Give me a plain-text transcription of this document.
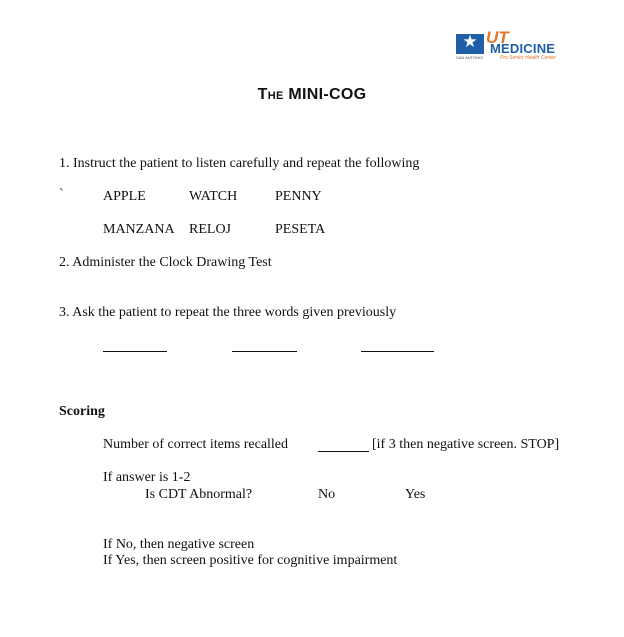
★ UT
MEDICINE
SAN ANTONIO	Pro Senior Health Center
The MINI-COG
1. Instruct the patient to listen carefully and repeat the following
`	APPLE	WATCH	PENNY
MANZANA RELOJ	PESETA
2. Administer the Clock Drawing Test
3. Ask the patient to repeat the three words given previously
Scoring
Number of correct items recalled	[if 3 then negative screen. STOP]
If answer is 1-2
Is CDT Abnormal?	No	Yes
If No, then negative screen
If Yes, then screen positive for cognitive impairment
